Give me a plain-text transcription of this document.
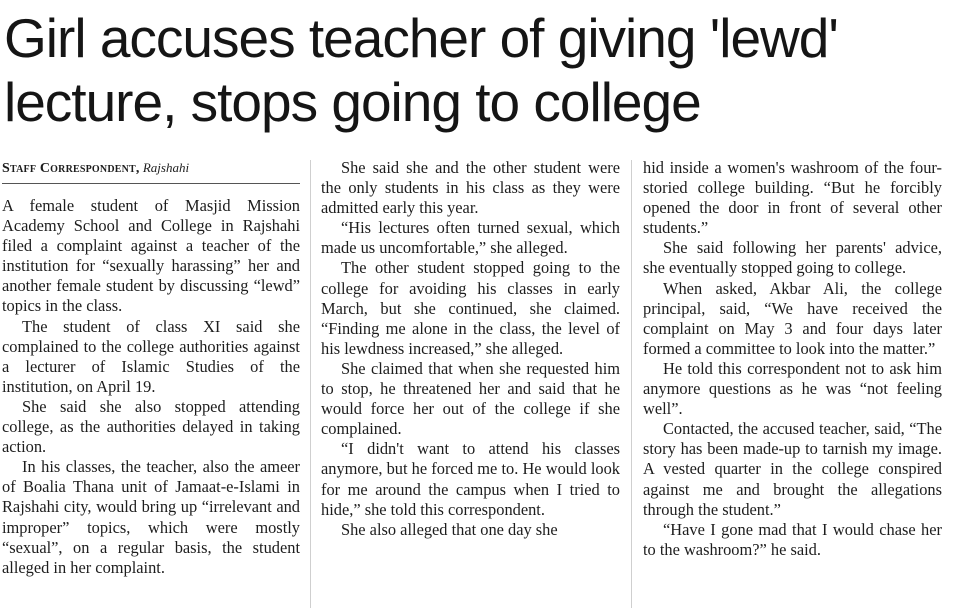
Girl accuses teacher of giving 'lewd'
lecture, stops going to college
Staff Correspondent, Rajshahi

A female student of Masjid Mission Academy School and College in Rajshahi filed a complaint against a teacher of the institution for “sexually harassing” her and another female student by discussing “lewd” topics in the class.

The student of class XI said she complained to the college authorities against a lecturer of Islamic Studies of the institution, on April 19.

She said she also stopped attending college, as the authorities delayed in taking action.

In his classes, the teacher, also the ameer of Boalia Thana unit of Jamaat-e-Islami in Rajshahi city, would bring up “irrelevant and improper” topics, which were mostly “sexual”, on a regular basis, the student alleged in her complaint.

She said she and the other student were the only students in his class as they were admitted early this year.

“His lectures often turned sexual, which made us uncomfortable,” she alleged.

The other student stopped going to the college for avoiding his classes in early March, but she continued, she claimed. “Finding me alone in the class, the level of his lewdness increased,” she alleged.

She claimed that when she requested him to stop, he threatened her and said that he would force her out of the college if she complained.

“I didn't want to attend his classes anymore, but he forced me to. He would look for me around the campus when I tried to hide,” she told this correspondent.

She also alleged that one day she

hid inside a women's washroom of the four-storied college building. “But he forcibly opened the door in front of several other students.”

She said following her parents' advice, she eventually stopped going to college.

When asked, Akbar Ali, the college principal, said, “We have received the complaint on May 3 and four days later formed a committee to look into the matter.”

He told this correspondent not to ask him anymore questions as he was “not feeling well”.

Contacted, the accused teacher, said, “The story has been made-up to tarnish my image. A vested quarter in the college conspired against me and brought the allegations through the student.”

“Have I gone mad that I would chase her to the washroom?” he said.
